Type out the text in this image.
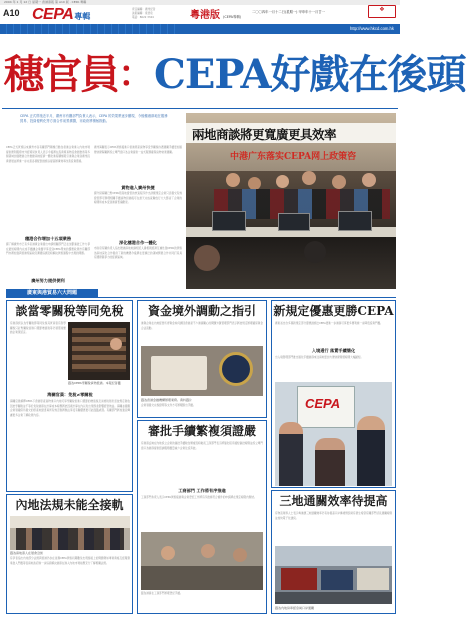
2004 年 1 月 12 日 星期一 香港商報 第 A10 版 · CEPA 專輯
A10 CEPA 專輯
責任編輯：廣州記者
美術編輯：梁晉泉
電話：8622 3344	粵港版 (CEPA專輯)
二〇〇四年一月十二日(星期一) 甲申年十一月廿一	❖
http://www.hkcd.com.hk
穗官員 ： CEPA好戲在後頭
CEPA 正式實施近半月，廣州市有關部門負責人表示，CEPA 的效果將逐步顯現，今後穗港兩地在服務貿易、投資便利化等方面合作前景廣闊，市政府將積極推動。
兩地商談將更寬廣更具效率
中港广东落实CEPA网上政策咨
CEPA正式實施以來廣州市各有關部門積極行動為香港企業進入內地市場提供便利服務市外經貿局負責人表示今後將在投資貿易物流會展旅遊等多個領域加強穗港合作推動兩地經濟一體化進程積極吸引港資企業到廣州投資發展並將進一步完善各項配套措施以提高辦事效率改善投資環境。
穗港合作增加十五項業務
據了解廣州市已有多家港資企業提出申請相關部門正在加緊審批工作力爭在最短時間內完成手續讓企業盡早享受到CEPA帶來的優惠政策市有關部門亦將加強與香港特區政府溝通協調及時解決實施過程中出現的問題。
廣州努力提供便利
廣州海關表示CEPA實施後進口香港原產貨物享受零關稅待遇通關手續更加簡便快捷海關將設立專門窗口為企業提供一站式服務確保貨物快速通關。
貨物進入廣州快捷
據介紹海關已對CEPA原產地證書的核查程序作出詳細規定企業只需提交有效證書即可辦理相關手續貨物到港後可在當天完成查驗放行大大節省了企業的時間和成本受到港商普遍歡迎。
深化穗港合作一體化
市政府有關負責人指出穗港兩地地緣相近人緣相親經濟互補性強CEPA的實施為兩地深化合作提供了新的機遇今後將在更廣泛的領域開展合作共同打造具有國際競爭力的經濟區域。
廣東與港貿易六大問題
談當零關稅等同免稅
有港商誤以為零關稅即等同免稅其實兩者有別零關稅只針對關稅而進口環節增值稅等仍須照常繳納企業須留意。
圖為CEPA零關稅貨物抵港。本報記者攝
海關官員：免稅≠零關稅
海關官員解釋CEPA下香港原產貨物進口內地可享零關稅但進口環節的增值稅及消費稅則仍需按規定徵收因此零關稅並不等於免稅港商在計算成本時應將此因素計算在內以免出現誤差影響經營效益。海關並提醒企業須確保所提交的原產地證書真實有效否則將無法享受有關優惠更可能面臨處罰。有關部門將加強宣傳讓更多企業了解政策內容。
內地法規未能全接軌
圖為兩地商人在展會洽談
有學者指出內地部分法規與香港仍存在差異CEPA實施初期難免出現銜接上的問題例如專業資格互認服務業准入門檻等需兩地政府進一步協商解決港商在進入內地市場前應充分了解相關法規。
資金境外調動之指引
港資企業在內地經營所得資金如何調回香港是不少港商關心的問題外匯管理部門表示將按規定辦理確保資金合法流動。
圖為香港金融機構辦理業務。資料圖片
企業須提交完稅證明等文件方可辦理匯出手續。
審批手續繁複須證嚴
有港商反映在內地設立企業的審批手續較為繁複需時較長工商部門表示將簡化程序縮短審批時間並設立專門窗口為港商提供諮詢服務盡量減少企業往返奔波。
工商部門 工作將有序推進
工商部門負責人表示CEPA實施後港資企業登記工作將有序推進符合條件的申請將在規定時限內辦結。
圖為港商在工商部門辦理登記手續。
新規定優惠更勝CEPA
廣東省出台多項新規定部分優惠措施比CEPA更進一步港商可享更多便利進一步降低投資門檻。
入境通行 落實手續簡化
出入境管理部門推出簡化手續港商來往兩地更加方便快捷辦證時間大幅縮短。
CEPA
三地通關效率待提高
有物流業界人士表示粵港澳三地通關效率仍有待提高口岸擁堵情況時有發生希望有關部門延長通關時間並加快電子化建設。
圖為內地貨車經皇崗口岸通關
